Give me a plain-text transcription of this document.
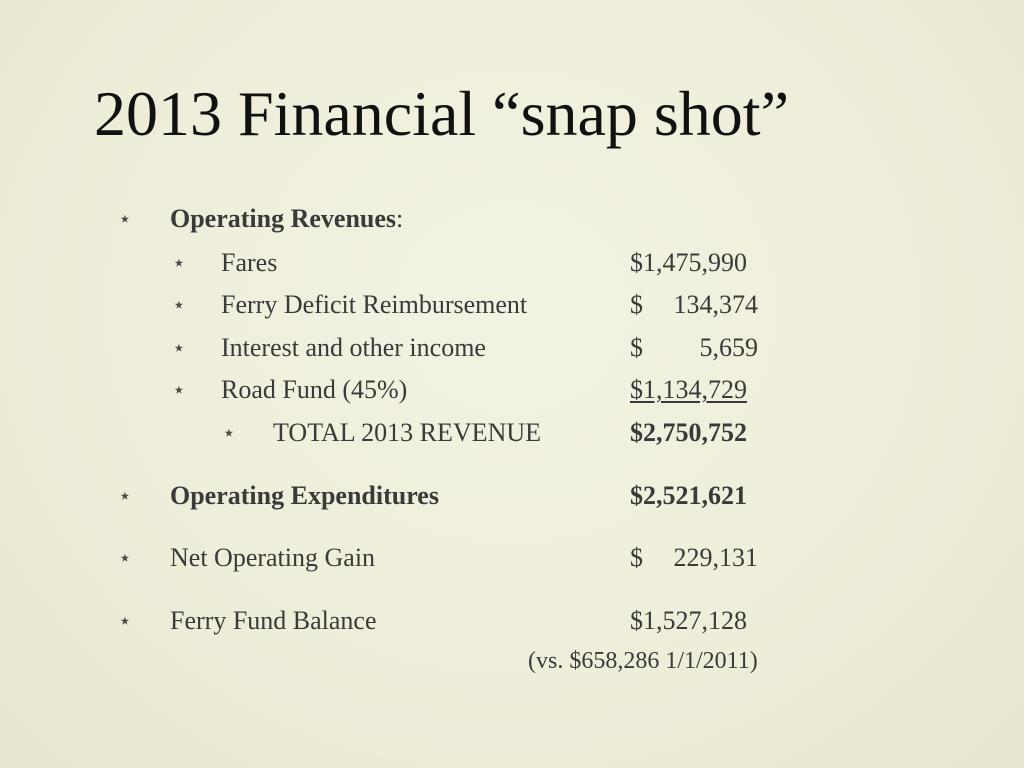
2013 Financial “snap shot”
⋆ Operating Revenues:
⋆ Fares	$1,475,990
⋆ Ferry Deficit Reimbursement	$ 134,374
⋆ Interest and other income	$ 5,659
⋆ Road Fund (45%)	$1,134,729
⋆ TOTAL 2013 REVENUE	$2,750,752
⋆ Operating Expenditures	$2,521,621
⋆ Net Operating Gain	$ 229,131
⋆ Ferry Fund Balance	$1,527,128
(vs. $658,286 1/1/2011)
